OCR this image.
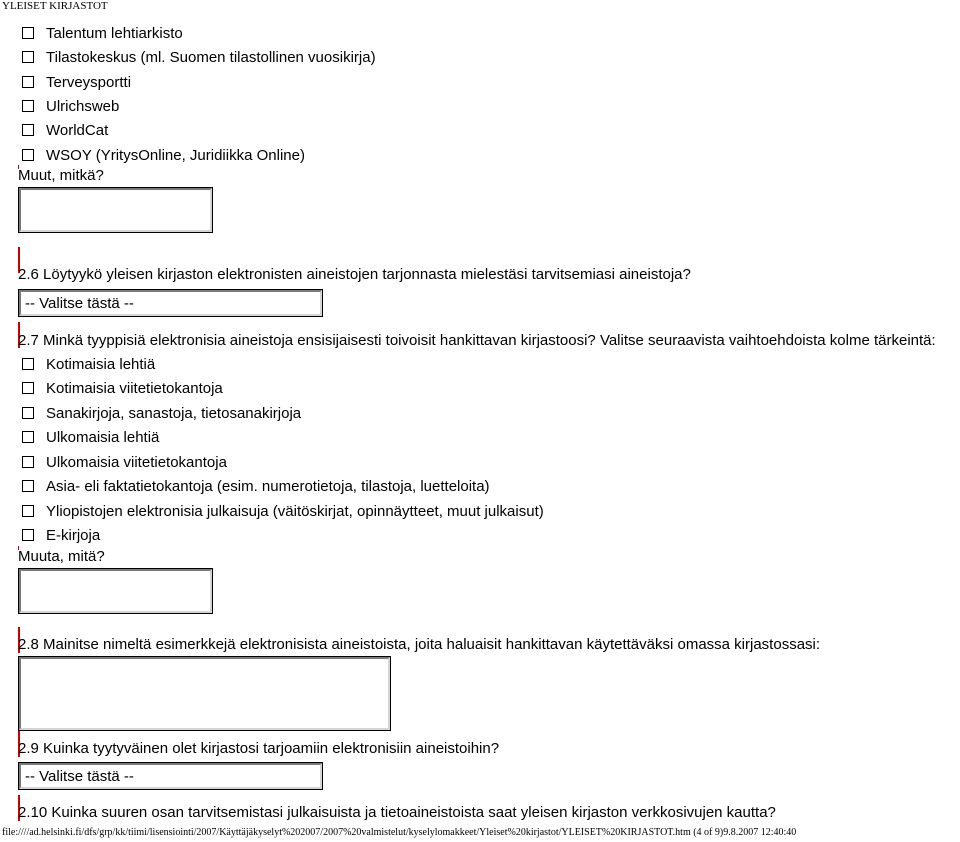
YLEISET KIRJASTOT
Talentum lehtiarkisto
Tilastokeskus (ml. Suomen tilastollinen vuosikirja)
Terveysportti
Ulrichsweb
WorldCat
WSOY (YritysOnline, Juridiikka Online)
Muut, mitkä?
2.6 Löytyykö yleisen kirjaston elektronisten aineistojen tarjonnasta mielestäsi tarvitsemiasi aineistoja?
-- Valitse tästä --
2.7 Minkä tyyppisiä elektronisia aineistoja ensisijaisesti toivoisit hankittavan kirjastoosi? Valitse seuraavista vaihtoehdoista kolme tärkeintä:
Kotimaisia lehtiä
Kotimaisia viitetietokantoja
Sanakirjoja, sanastoja, tietosanakirjoja
Ulkomaisia lehtiä
Ulkomaisia viitetietokantoja
Asia- eli faktatietokantoja (esim. numerotietoja, tilastoja, luetteloita)
Yliopistojen elektronisia julkaisuja (väitöskirjat, opinnäytteet, muut julkaisut)
E-kirjoja
Muuta, mitä?
2.8 Mainitse nimeltä esimerkkejä elektronisista aineistoista, joita haluaisit hankittavan käytettäväksi omassa kirjastossasi:
2.9 Kuinka tyytyväinen olet kirjastosi tarjoamiin elektronisiin aineistoihin?
-- Valitse tästä --
2.10 Kuinka suuren osan tarvitsemistasi julkaisuista ja tietoaineistoista saat yleisen kirjaston verkkosivujen kautta?
file:////ad.helsinki.fi/dfs/grp/kk/tiimi/lisensiointi/2007/Käyttäjäkyselyt%202007/2007%20valmistelut/kyselylomakkeet/Yleiset%20kirjastot/YLEISET%20KIRJASTOT.htm (4 of 9)9.8.2007 12:40:40
